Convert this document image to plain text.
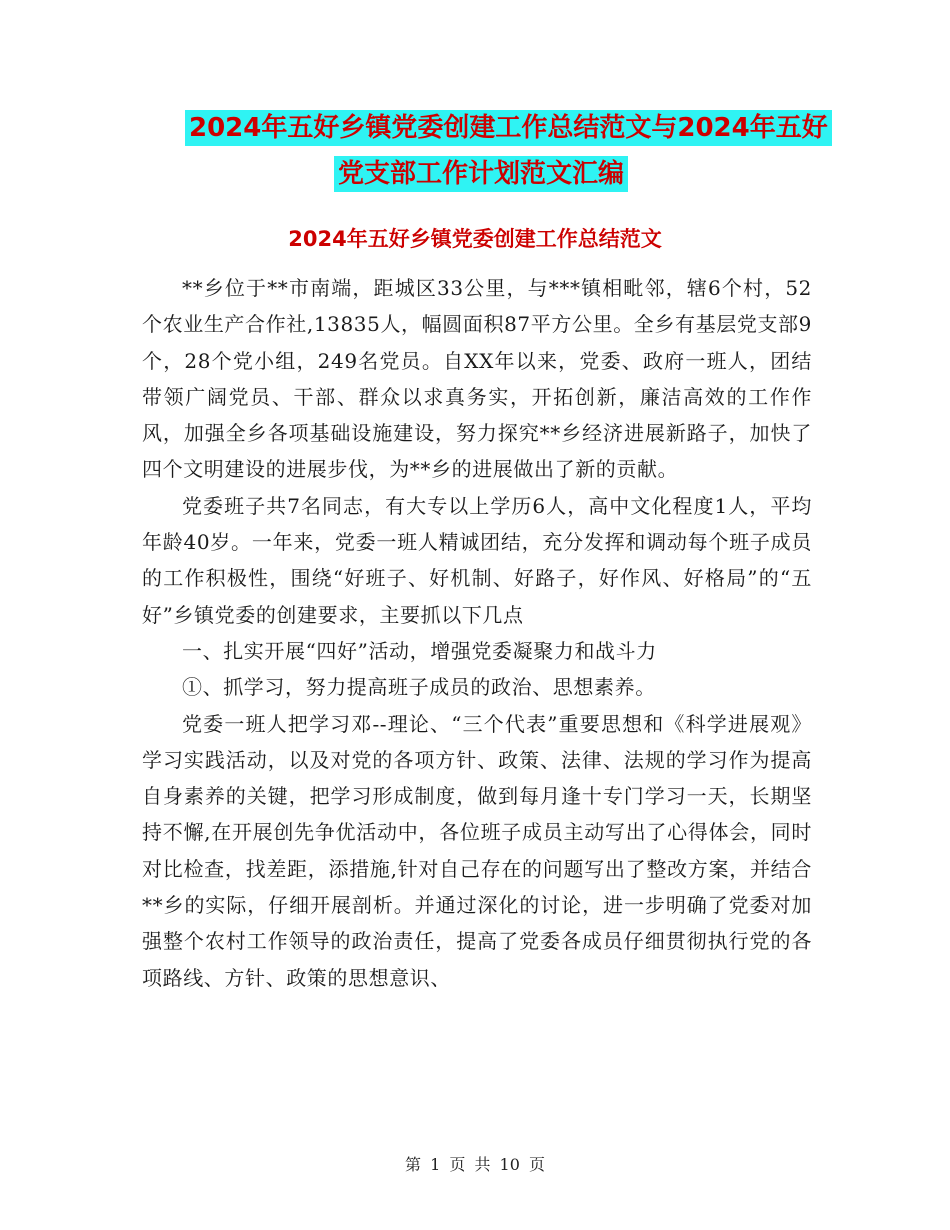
2024年五好乡镇党委创建工作总结范文与2024年五好
党支部工作计划范文汇编
2024年五好乡镇党委创建工作总结范文

**乡位于**市南端，距城区33公里，与***镇相毗邻，辖6个村，52个农业生产合作社,13835人，幅圆面积87平方公里。全乡有基层党支部9个，28个党小组，249名党员。自XX年以来，党委、政府一班人，团结带领广阔党员、干部、群众以求真务实，开拓创新，廉洁高效的工作作风，加强全乡各项基础设施建设，努力探究**乡经济进展新路子，加快了四个文明建设的进展步伐，为**乡的进展做出了新的贡献。

党委班子共7名同志，有大专以上学历6人，高中文化程度1人，平均年龄40岁。一年来，党委一班人精诚团结，充分发挥和调动每个班子成员的工作积极性，围绕“好班子、好机制、好路子，好作风、好格局”的“五好”乡镇党委的创建要求，主要抓以下几点

一、扎实开展“四好”活动，增强党委凝聚力和战斗力

①、抓学习，努力提高班子成员的政治、思想素养。

党委一班人把学习邓--理论、“三个代表”重要思想和《科学进展观》学习实践活动，以及对党的各项方针、政策、法律、法规的学习作为提高自身素养的关键，把学习形成制度，做到每月逢十专门学习一天，长期坚持不懈,在开展创先争优活动中，各位班子成员主动写出了心得体会，同时对比检查，找差距，添措施,针对自己存在的问题写出了整改方案，并结合**乡的实际，仔细开展剖析。并通过深化的讨论，进一步明确了党委对加强整个农村工作领导的政治责任，提高了党委各成员仔细贯彻执行党的各项路线、方针、政策的思想意识、

第 1 页 共 10 页
